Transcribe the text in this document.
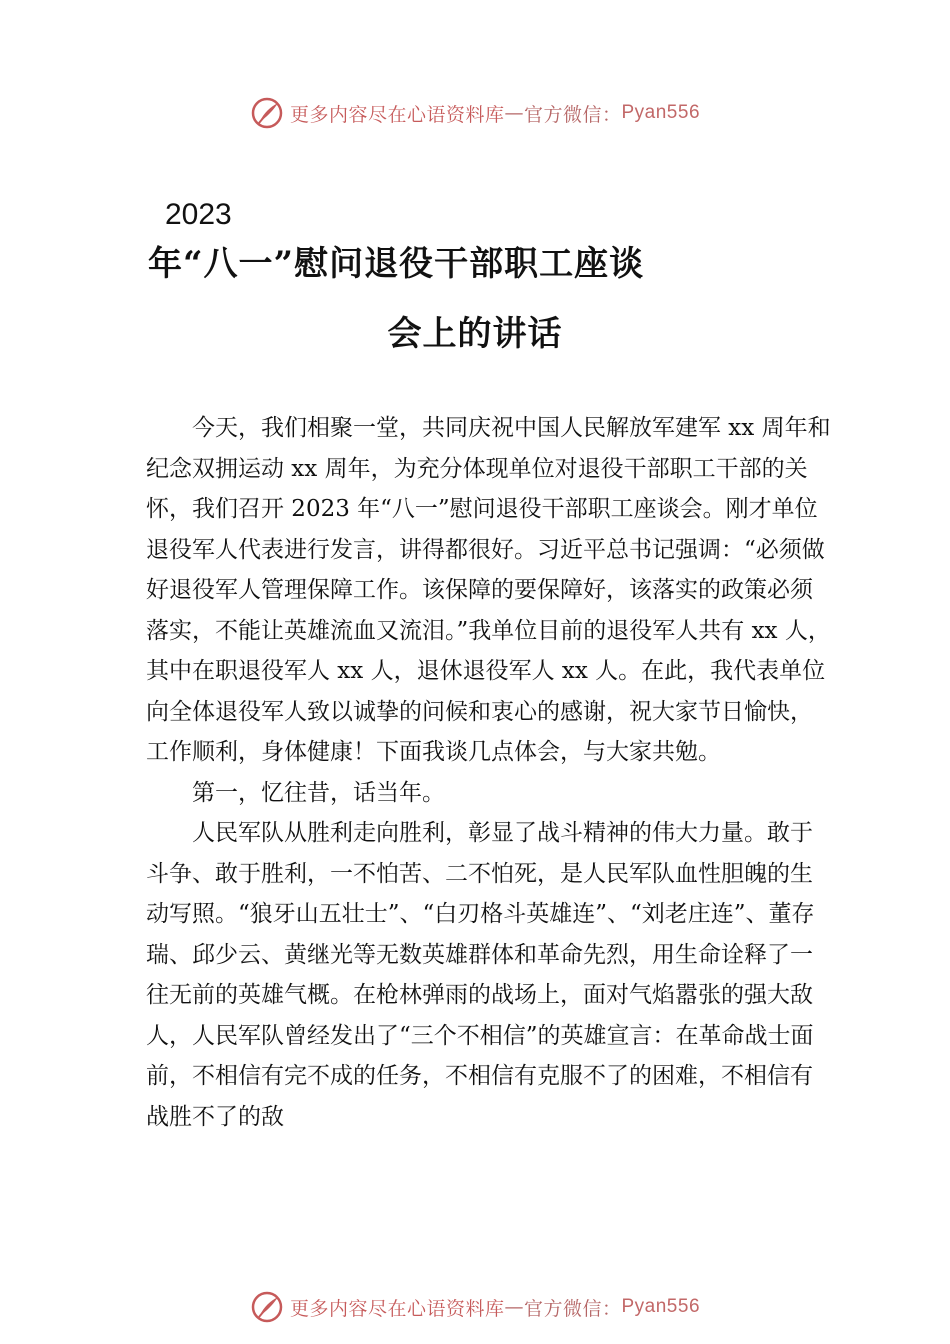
更多内容尽在心语资料库 — 官方微信： Pyan556
2023
年“八一”慰问退役干部职工座谈
会上的讲话

今天，我们相聚一堂，共同庆祝中国人民解放军建军 xx 周年和纪念双拥运动 xx 周年，为充分体现单位对退役干部职工干部的关怀，我们召开 2023 年“八一”慰问退役干部职工座谈会。刚才单位退役军人代表进行发言，讲得都很好。习近平总书记强调：“必须做好退役军人管理保障工作。该保障的要保障好，该落实的政策必须落实，不能让英雄流血又流泪。”我单位目前的退役军人共有 xx 人，其中在职退役军人 xx 人，退休退役军人 xx 人。在此，我代表单位向全体退役军人致以诚挚的问候和衷心的感谢，祝大家节日愉快，工作顺利，身体健康！下面我谈几点体会，与大家共勉。

第一，忆往昔，话当年。

人民军队从胜利走向胜利，彰显了战斗精神的伟大力量。敢于斗争、敢于胜利，一不怕苦、二不怕死，是人民军队血性胆魄的生动写照。“狼牙山五壮士”、“白刃格斗英雄连”、“刘老庄连”、董存瑞、邱少云、黄继光等无数英雄群体和革命先烈，用生命诠释了一往无前的英雄气概。在枪林弹雨的战场上，面对气焰嚣张的强大敌人，人民军队曾经发出了“三个不相信”的英雄宣言：在革命战士面前，不相信有完不成的任务，不相信有克服不了的困难，不相信有战胜不了的敌

更多内容尽在心语资料库 — 官方微信： Pyan556
